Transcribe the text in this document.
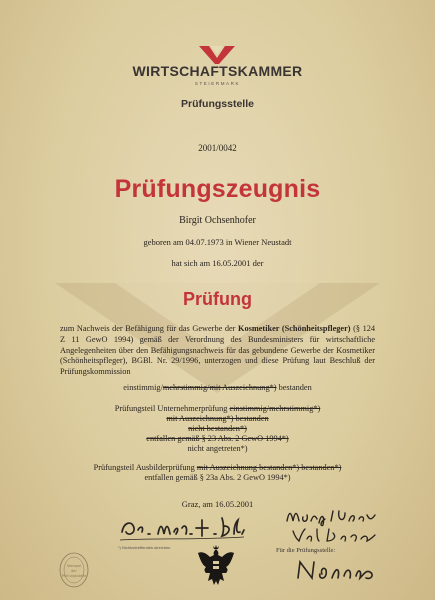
WIRTSCHAFTSKAMMER
STEIERMARK
Prüfungsstelle
2001/0042
Prüfungszeugnis
Birgit Ochsenhofer
geboren am 04.07.1973 in Wiener Neustadt
hat sich am 16.05.2001 der
Prüfung
zum Nachweis der Befähigung für das Gewerbe der Kosmetiker (Schönheitspfleger) (§ 124 Z 11 GewO 1994) gemäß der Verordnung des Bundesministers für wirtschaftliche Angelegenheiten über den Befähigungsnachweis für das gebundene Gewerbe der Kosmetiker (Schönheitspfleger), BGBl. Nr. 29/1996, unterzogen und diese Prüfung laut Beschluß der Prüfungskommission
einstimmig/mehrstimmig/mit Auszeichnung*) bestanden
Prüfungsteil Unternehmerprüfung einstimmig/mehrstimmig*)
mit Auszeichnung*) bestanden
nicht bestanden*)
entfallen gemäß § 23 Abs. 2 GewO 1994*)
nicht angetreten*)
Prüfungsteil Ausbilderprüfung mit Auszeichnung bestanden*) bestanden*)
entfallen gemäß § 23a Abs. 2 GewO 1994*)
Graz, am 16.05.2001
*) Nichtzutreffendes streichen	Für die Prüfungsstelle:
Stempel
der
Prüfungsstelle
